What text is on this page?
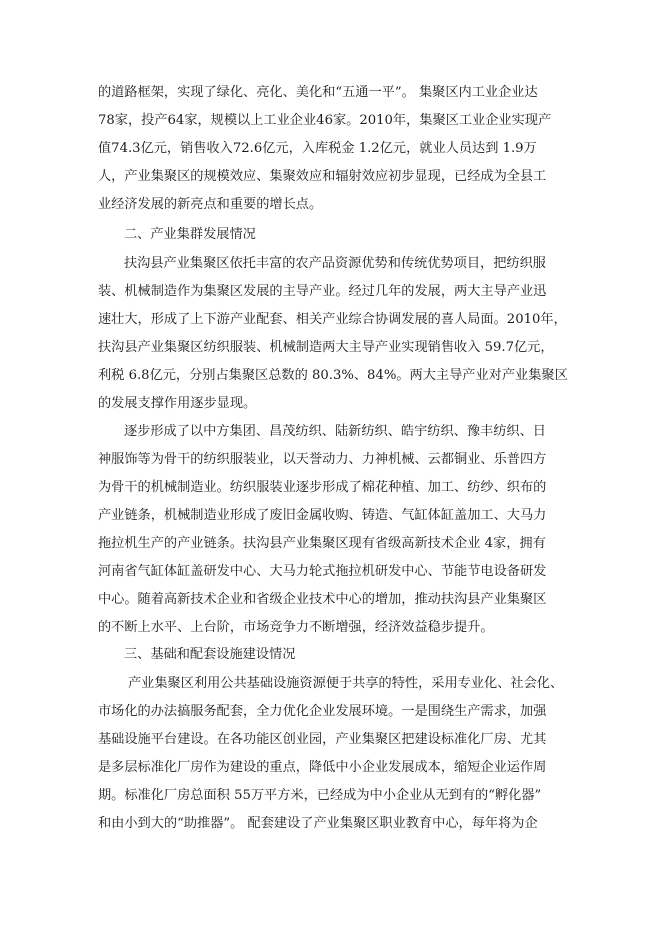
的道路框架，实现了绿化、亮化、美化和“五通一平”。 集聚区内工业企业达
78家，投产64家，规模以上工业企业46家。2010年，集聚区工业企业实现产
值74.3亿元，销售收入72.6亿元，入库税金 1.2亿元，就业人员达到 1.9万
人，产业集聚区的规模效应、集聚效应和辐射效应初步显现，已经成为全县工
业经济发展的新亮点和重要的增长点。
二、产业集群发展情况
扶沟县产业集聚区依托丰富的农产品资源优势和传统优势项目，把纺织服
装、机械制造作为集聚区发展的主导产业。经过几年的发展，两大主导产业迅
速壮大，形成了上下游产业配套、相关产业综合协调发展的喜人局面。2010年，
扶沟县产业集聚区纺织服装、机械制造两大主导产业实现销售收入 59.7亿元，
利税 6.8亿元，分别占集聚区总数的 80.3%、84%。两大主导产业对产业集聚区
的发展支撑作用逐步显现。
逐步形成了以中方集团、昌茂纺织、陆新纺织、皓宇纺织、豫丰纺织、日
神服饰等为骨干的纺织服装业，以天誉动力、力神机械、云都铜业、乐普四方
为骨干的机械制造业。纺织服装业逐步形成了棉花种植、加工、纺纱、织布的
产业链条，机械制造业形成了废旧金属收购、铸造、气缸体缸盖加工、大马力
拖拉机生产的产业链条。扶沟县产业集聚区现有省级高新技术企业 4家，拥有
河南省气缸体缸盖研发中心、大马力轮式拖拉机研发中心、节能节电设备研发
中心。随着高新技术企业和省级企业技术中心的增加，推动扶沟县产业集聚区
的不断上水平、上台阶，市场竞争力不断增强，经济效益稳步提升。
三、基础和配套设施建设情况
产业集聚区利用公共基础设施资源便于共享的特性，采用专业化、社会化、
市场化的办法搞服务配套，全力优化企业发展环境。一是围绕生产需求，加强
基础设施平台建设。在各功能区创业园，产业集聚区把建设标准化厂房、尤其
是多层标准化厂房作为建设的重点，降低中小企业发展成本，缩短企业运作周
期。标准化厂房总面积 55万平方米，已经成为中小企业从无到有的“孵化器”
和由小到大的“助推器”。 配套建设了产业集聚区职业教育中心，每年将为企
